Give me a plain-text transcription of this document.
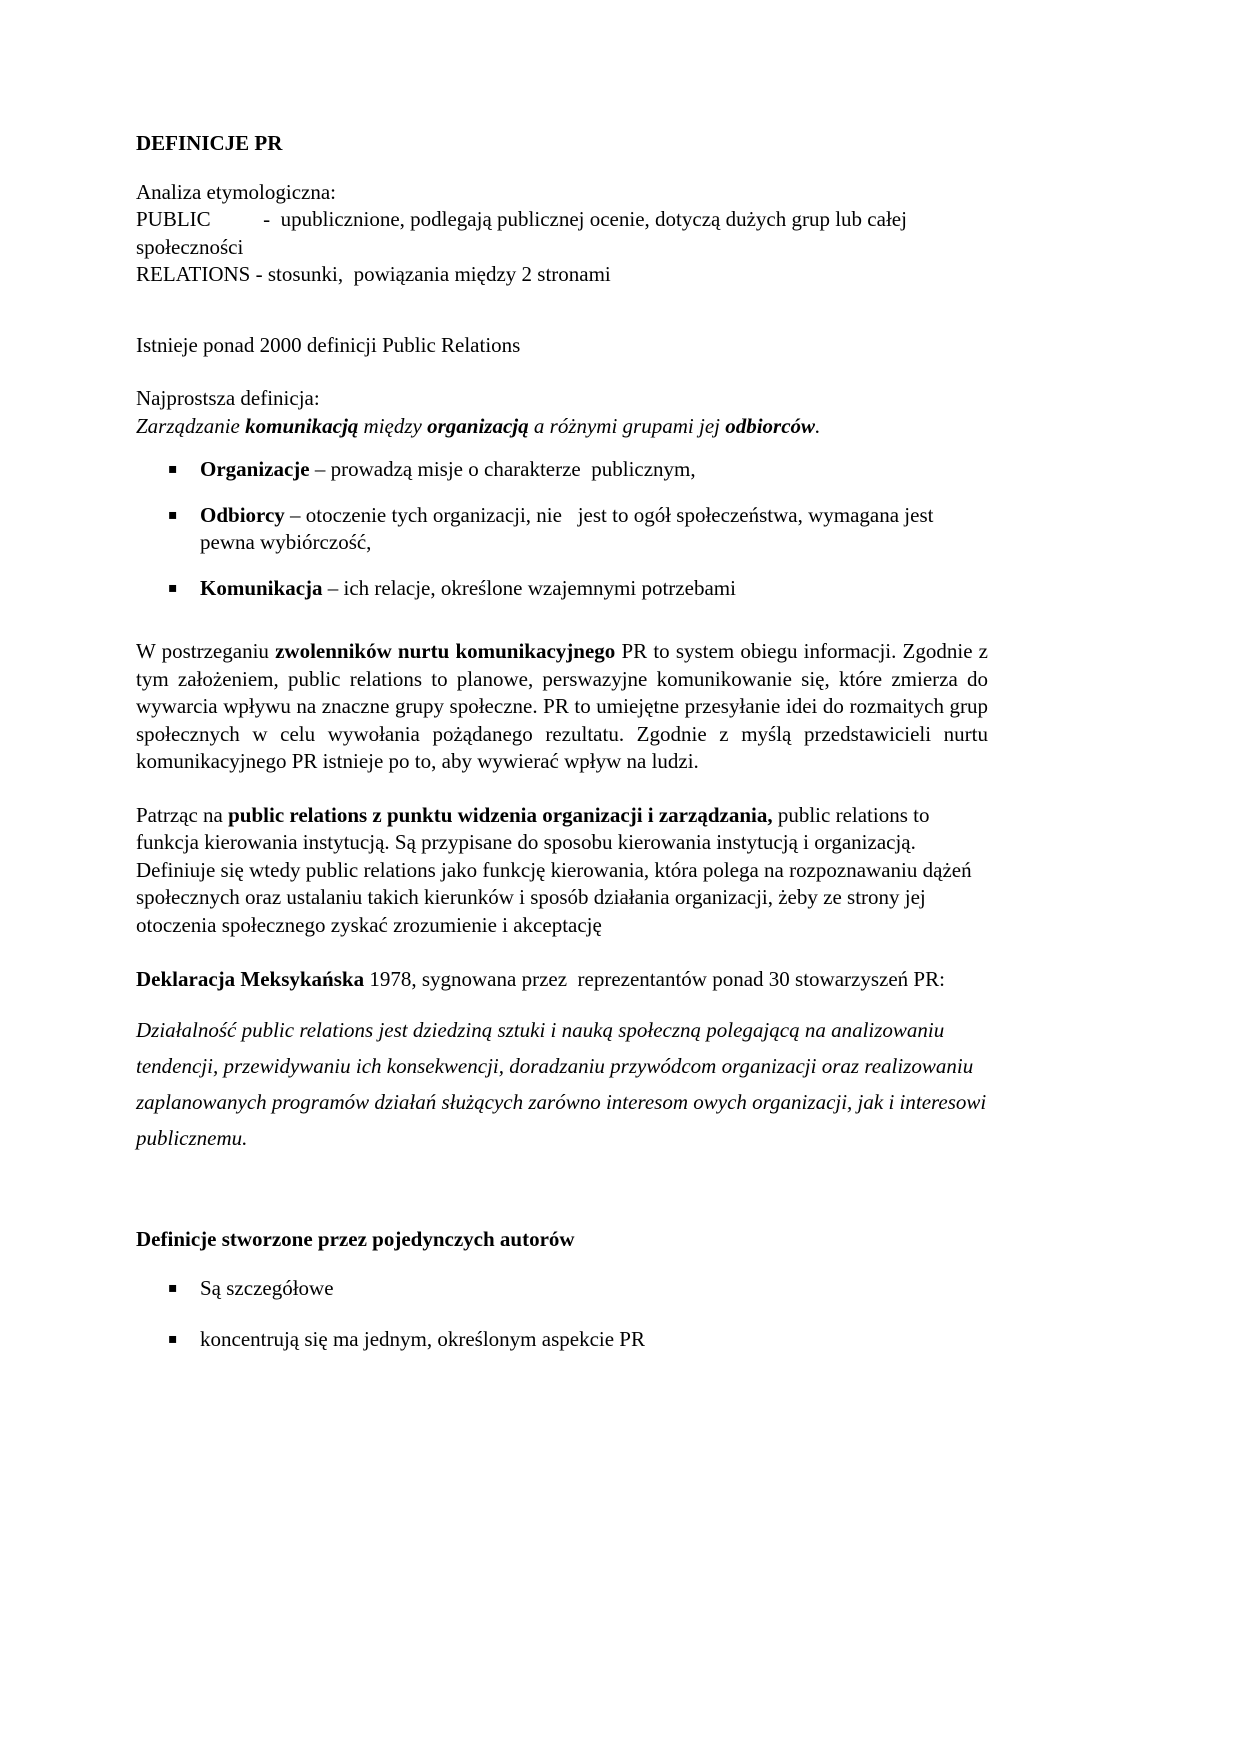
DEFINICJE PR

Analiza etymologiczna:
PUBLIC          -  upublicznione, podlegają publicznej ocenie, dotyczą dużych grup lub całej społeczności
RELATIONS - stosunki,  powiązania między 2 stronami

Istnieje ponad 2000 definicji Public Relations

Najprostsza definicja:
Zarządzanie komunikacją między organizacją a różnymi grupami jej odbiorców.

▪ Organizacje – prowadzą misje o charakterze  publicznym,
▪ Odbiorcy – otoczenie tych organizacji, nie   jest to ogół społeczeństwa, wymagana jest pewna wybiórczość,
▪ Komunikacja – ich relacje, określone wzajemnymi potrzebami

W postrzeganiu zwolenników nurtu komunikacyjnego PR to system obiegu informacji. Zgodnie z tym założeniem, public relations to planowe, perswazyjne komunikowanie się, które zmierza do wywarcia wpływu na znaczne grupy społeczne. PR to umiejętne przesyłanie idei do rozmaitych grup społecznych w celu wywołania pożądanego rezultatu. Zgodnie z myślą przedstawicieli nurtu komunikacyjnego PR istnieje po to, aby wywierać wpływ na ludzi.

Patrząc na public relations z punktu widzenia organizacji i zarządzania, public relations to funkcja kierowania instytucją. Są przypisane do sposobu kierowania instytucją i organizacją. Definiuje się wtedy public relations jako funkcję kierowania, która polega na rozpoznawaniu dążeń społecznych oraz ustalaniu takich kierunków i sposób działania organizacji, żeby ze strony jej otoczenia społecznego zyskać zrozumienie i akceptację

Deklaracja Meksykańska 1978, sygnowana przez  reprezentantów ponad 30 stowarzyszeń PR:

Działalność public relations jest dziedziną sztuki i nauką społeczną polegającą na analizowaniu tendencji, przewidywaniu ich konsekwencji, doradzaniu przywódcom organizacji oraz realizowaniu zaplanowanych programów działań służących zarówno interesom owych organizacji, jak i interesowi publicznemu.

Definicje stworzone przez pojedynczych autorów

▪ Są szczegółowe
▪ koncentrują się ma jednym, określonym aspekcie PR
